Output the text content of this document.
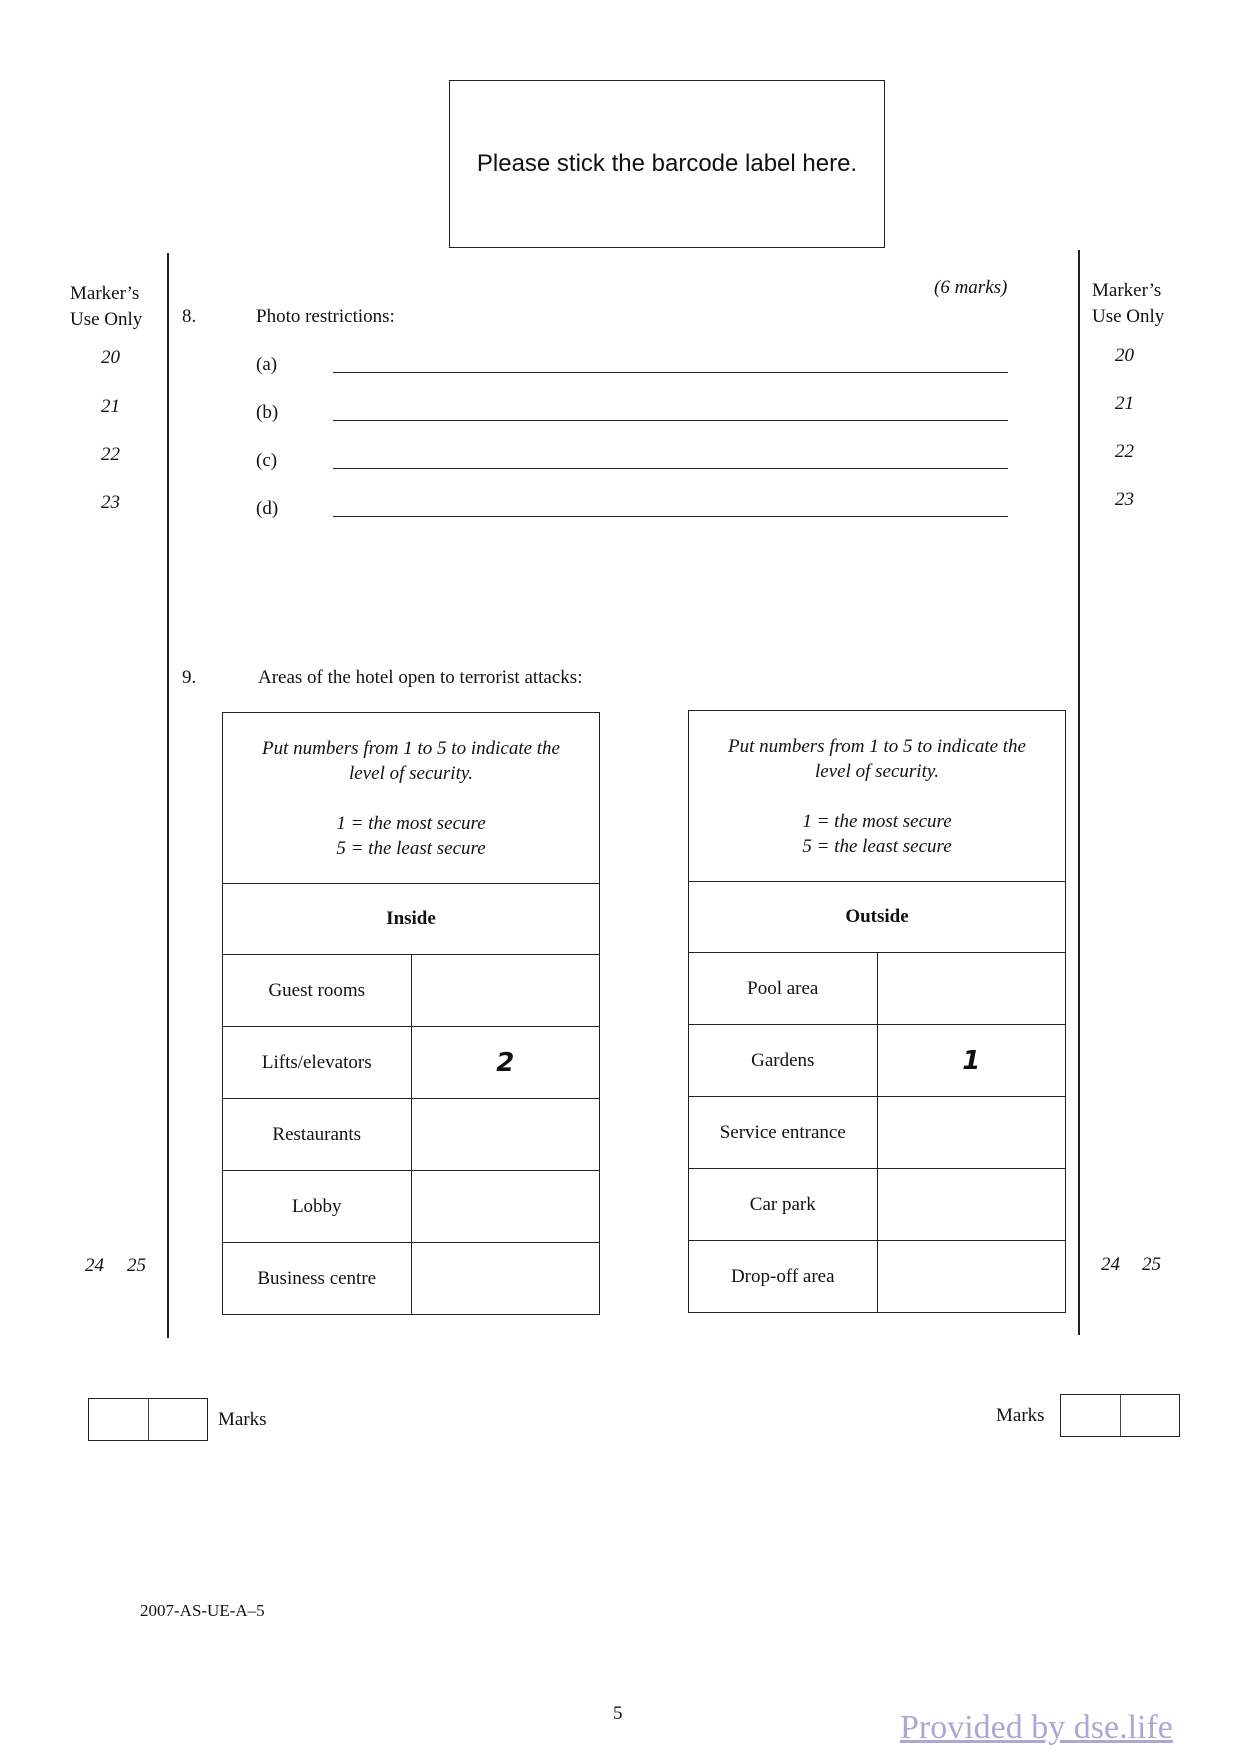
Please stick the barcode label here.
Marker’s
Use Only
Marker’s
Use Only
20
21
22
23
24 25
20
21
22
23
24 25
(6 marks)
8.	Photo restrictions:
(a)
(b)
(c)
(d)
9.	Areas of the hotel open to terrorist attacks:
Put numbers from 1 to 5 to indicate the
level of security.
1 = the most secure
5 = the least secure	

Inside	
Guest rooms	
Lifts/elevators	2
Restaurants	
Lobby	
Business centre	
Put numbers from 1 to 5 to indicate the
level of security.
1 = the most secure
5 = the least secure	

Outside	
Pool area	
Gardens	1
Service entrance	
Car park	
Drop-off area	
Marks	Marks
2007-AS-UE-A–5
5	Provided by dse.life
